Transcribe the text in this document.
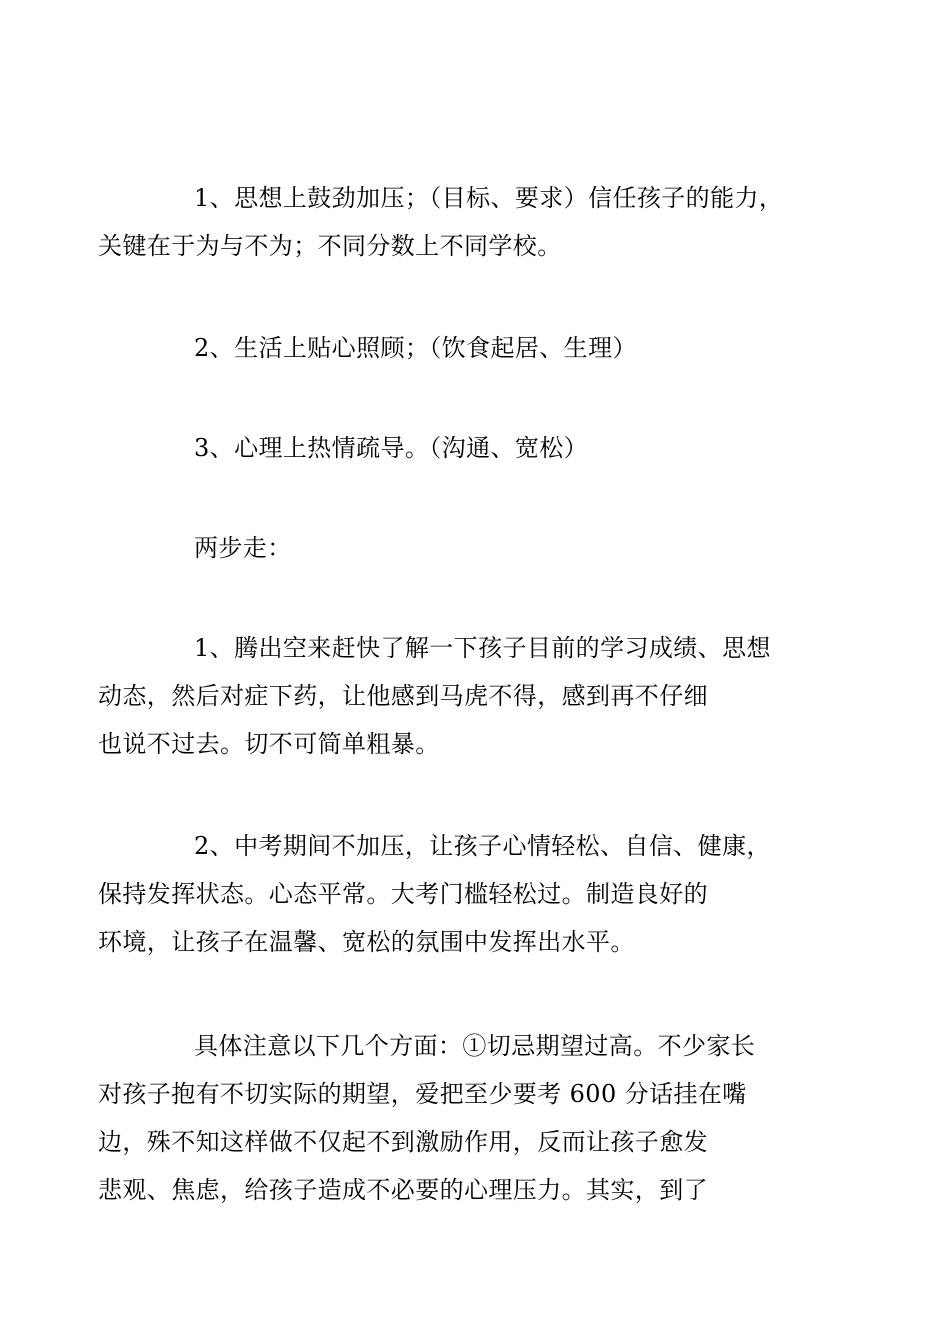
1、思想上鼓劲加压；（目标、要求）信任孩子的能力，
关键在于为与不为；不同分数上不同学校。

2、生活上贴心照顾；（饮食起居、生理）

3、心理上热情疏导。（沟通、宽松）

两步走：

1、腾出空来赶快了解一下孩子目前的学习成绩、思想
动态，然后对症下药，让他感到马虎不得，感到再不仔细
也说不过去。切不可简单粗暴。

2、中考期间不加压，让孩子心情轻松、自信、健康，
保持发挥状态。心态平常。大考门槛轻松过。制造良好的
环境，让孩子在温馨、宽松的氛围中发挥出水平。

具体注意以下几个方面：①切忌期望过高。不少家长
对孩子抱有不切实际的期望，爱把至少要考 600 分话挂在嘴
边，殊不知这样做不仅起不到激励作用，反而让孩子愈发
悲观、焦虑，给孩子造成不必要的心理压力。其实，到了
